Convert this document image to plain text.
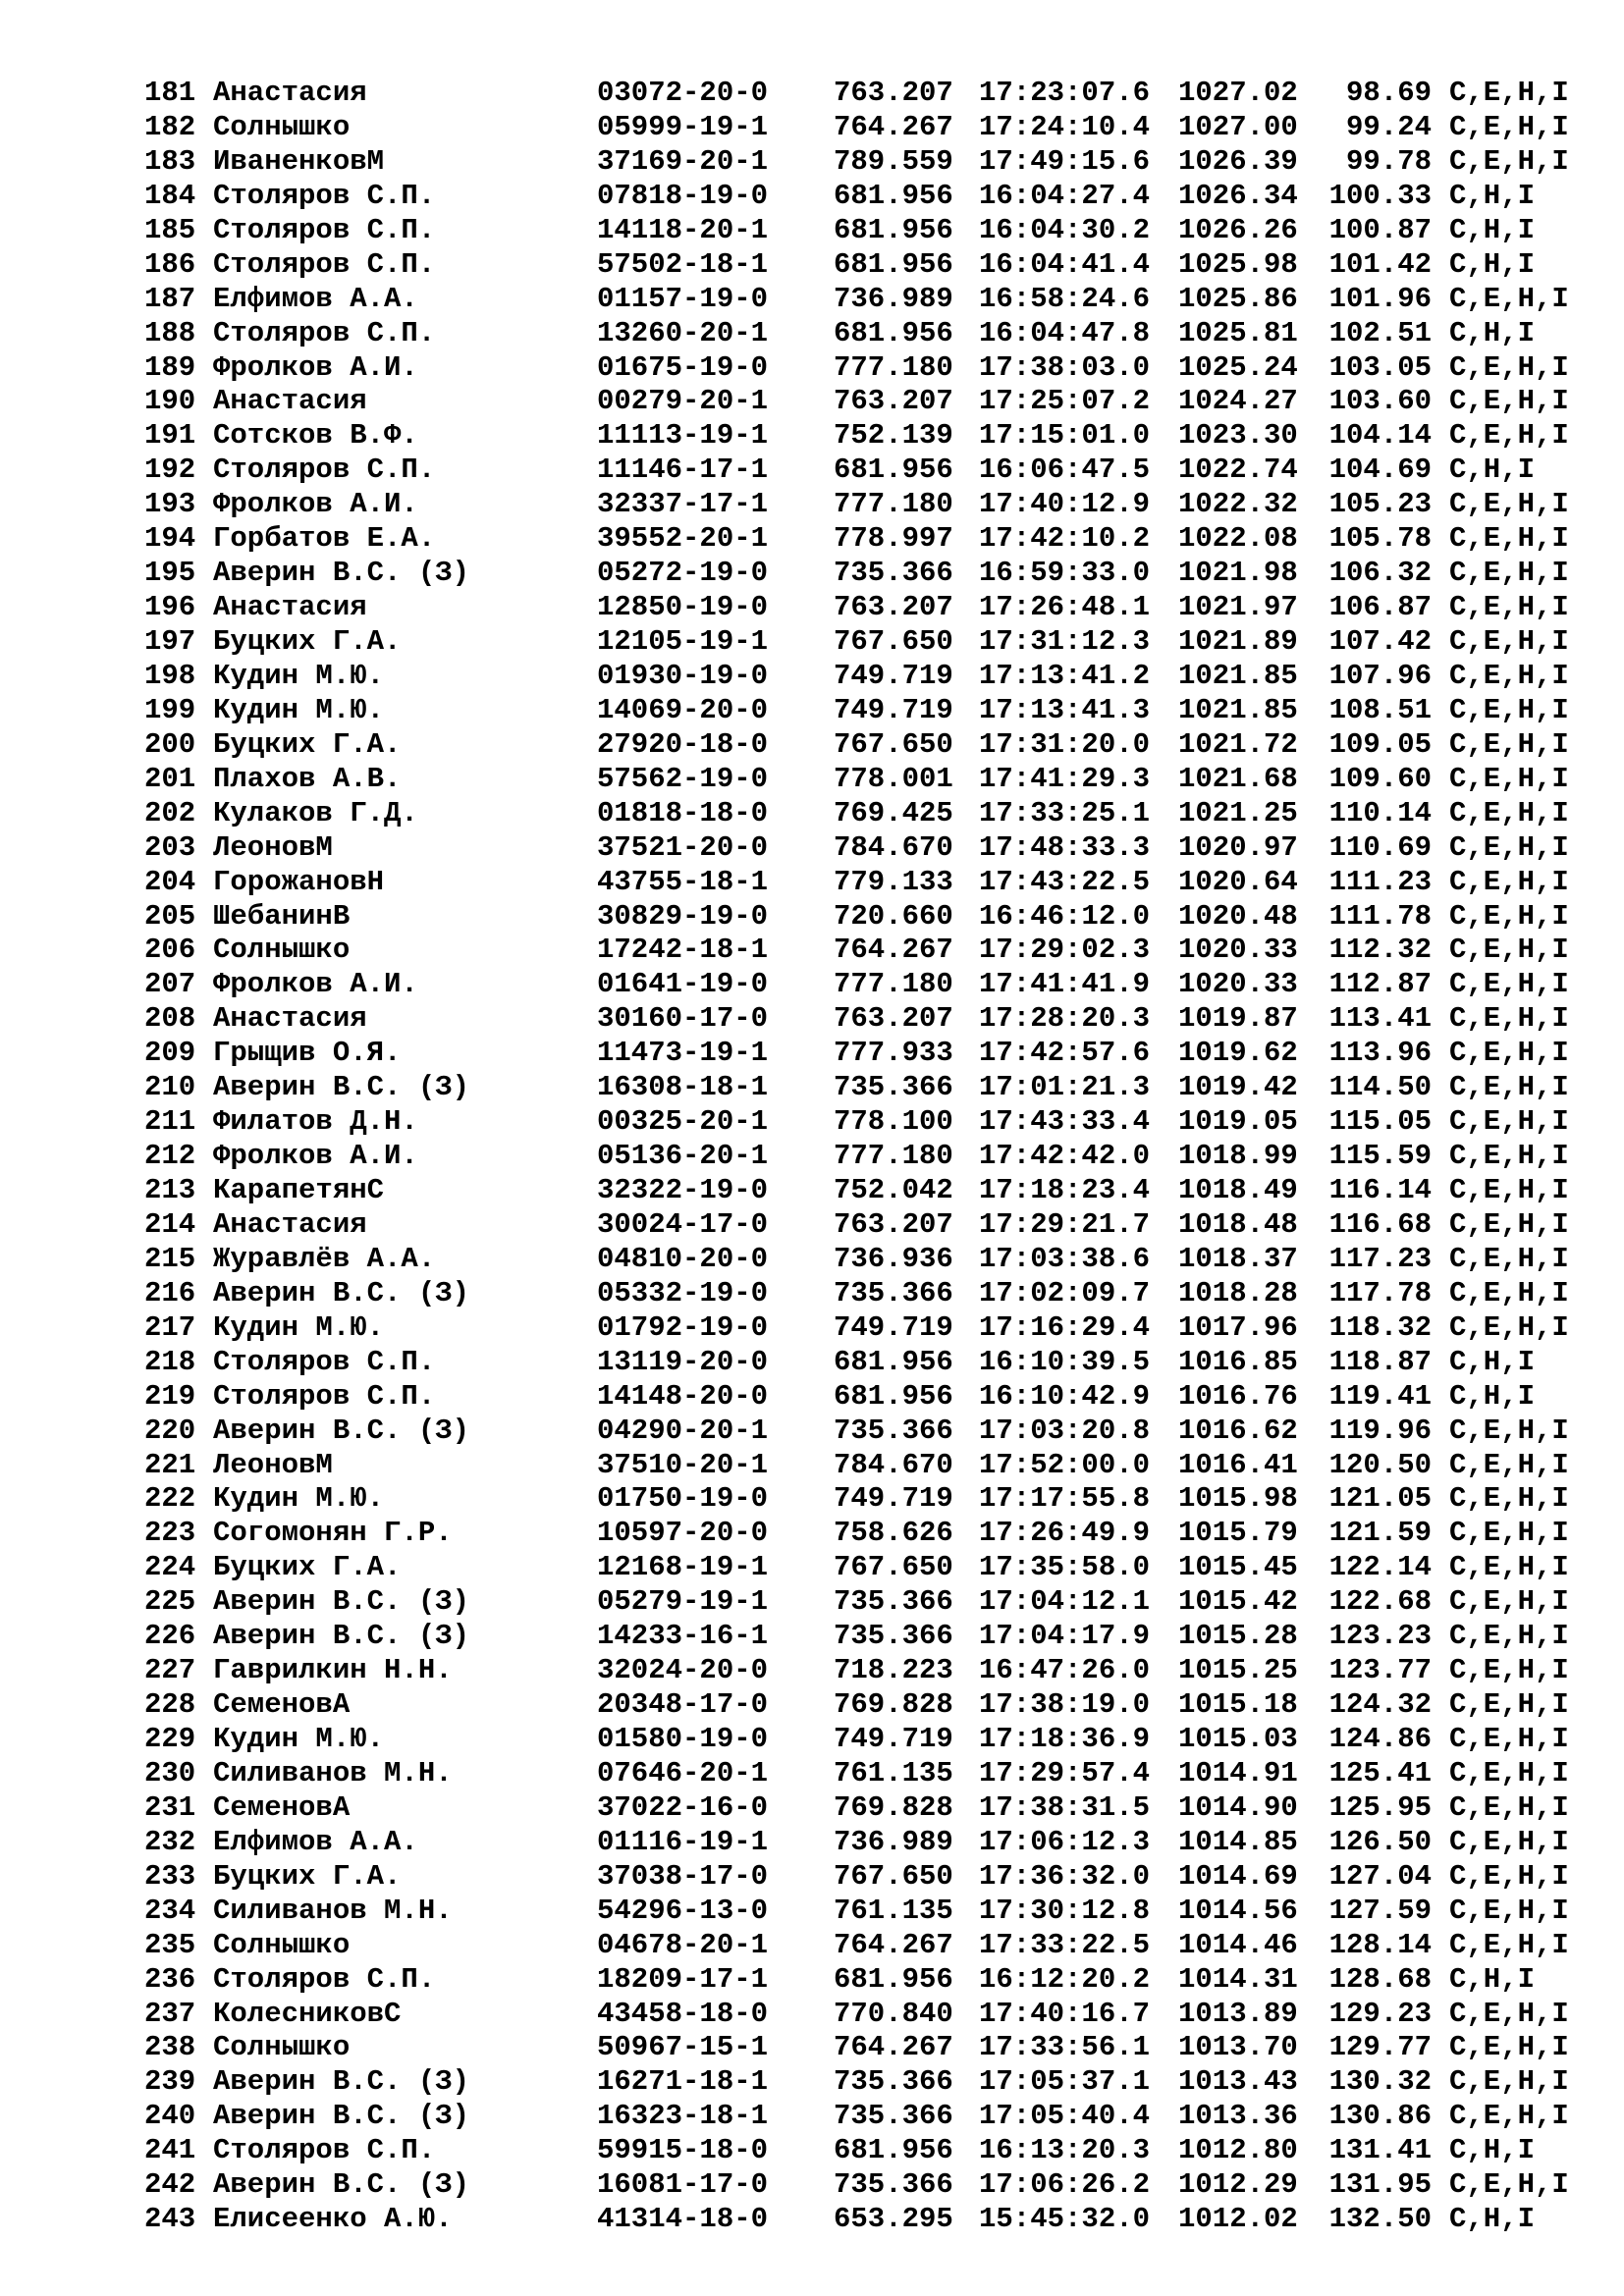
181 Анастасия	03072-20-0 763.207 17:23:07.6 1027.02 98.69 C,E,H,I
182 Солнышко	05999-19-1 764.267 17:24:10.4 1027.00 99.24 C,E,H,I
183 ИваненковМ	37169-20-1 789.559 17:49:15.6 1026.39 99.78 C,E,H,I
184 Столяров С.П.	07818-19-0 681.956 16:04:27.4 1026.34 100.33 C,H,I
185 Столяров С.П.	14118-20-1 681.956 16:04:30.2 1026.26 100.87 C,H,I
186 Столяров С.П.	57502-18-1 681.956 16:04:41.4 1025.98 101.42 C,H,I
187 Елфимов А.А.	01157-19-0 736.989 16:58:24.6 1025.86 101.96 C,E,H,I
188 Столяров С.П.	13260-20-1 681.956 16:04:47.8 1025.81 102.51 C,H,I
189 Фролков А.И.	01675-19-0 777.180 17:38:03.0 1025.24 103.05 C,E,H,I
190 Анастасия	00279-20-1 763.207 17:25:07.2 1024.27 103.60 C,E,H,I
191 Сотсков В.Ф.	11113-19-1 752.139 17:15:01.0 1023.30 104.14 C,E,H,I
192 Столяров С.П.	11146-17-1 681.956 16:06:47.5 1022.74 104.69 C,H,I
193 Фролков А.И.	32337-17-1 777.180 17:40:12.9 1022.32 105.23 C,E,H,I
194 Горбатов Е.А.	39552-20-1 778.997 17:42:10.2 1022.08 105.78 C,E,H,I
195 Аверин В.С. (З)	05272-19-0 735.366 16:59:33.0 1021.98 106.32 C,E,H,I
196 Анастасия	12850-19-0 763.207 17:26:48.1 1021.97 106.87 C,E,H,I
197 Буцких Г.А.	12105-19-1 767.650 17:31:12.3 1021.89 107.42 C,E,H,I
198 Кудин М.Ю.	01930-19-0 749.719 17:13:41.2 1021.85 107.96 C,E,H,I
199 Кудин М.Ю.	14069-20-0 749.719 17:13:41.3 1021.85 108.51 C,E,H,I
200 Буцких Г.А.	27920-18-0 767.650 17:31:20.0 1021.72 109.05 C,E,H,I
201 Плахов А.В.	57562-19-0 778.001 17:41:29.3 1021.68 109.60 C,E,H,I
202 Кулаков Г.Д.	01818-18-0 769.425 17:33:25.1 1021.25 110.14 C,E,H,I
203 ЛеоновМ	37521-20-0 784.670 17:48:33.3 1020.97 110.69 C,E,H,I
204 ГорожановН	43755-18-1 779.133 17:43:22.5 1020.64 111.23 C,E,H,I
205 ШебанинВ	30829-19-0 720.660 16:46:12.0 1020.48 111.78 C,E,H,I
206 Солнышко	17242-18-1 764.267 17:29:02.3 1020.33 112.32 C,E,H,I
207 Фролков А.И.	01641-19-0 777.180 17:41:41.9 1020.33 112.87 C,E,H,I
208 Анастасия	30160-17-0 763.207 17:28:20.3 1019.87 113.41 C,E,H,I
209 Грыщив О.Я.	11473-19-1 777.933 17:42:57.6 1019.62 113.96 C,E,H,I
210 Аверин В.С. (З)	16308-18-1 735.366 17:01:21.3 1019.42 114.50 C,E,H,I
211 Филатов Д.Н.	00325-20-1 778.100 17:43:33.4 1019.05 115.05 C,E,H,I
212 Фролков А.И.	05136-20-1 777.180 17:42:42.0 1018.99 115.59 C,E,H,I
213 КарапетянС	32322-19-0 752.042 17:18:23.4 1018.49 116.14 C,E,H,I
214 Анастасия	30024-17-0 763.207 17:29:21.7 1018.48 116.68 C,E,H,I
215 Журавлёв А.А.	04810-20-0 736.936 17:03:38.6 1018.37 117.23 C,E,H,I
216 Аверин В.С. (З)	05332-19-0 735.366 17:02:09.7 1018.28 117.78 C,E,H,I
217 Кудин М.Ю.	01792-19-0 749.719 17:16:29.4 1017.96 118.32 C,E,H,I
218 Столяров С.П.	13119-20-0 681.956 16:10:39.5 1016.85 118.87 C,H,I
219 Столяров С.П.	14148-20-0 681.956 16:10:42.9 1016.76 119.41 C,H,I
220 Аверин В.С. (З)	04290-20-1 735.366 17:03:20.8 1016.62 119.96 C,E,H,I
221 ЛеоновМ	37510-20-1 784.670 17:52:00.0 1016.41 120.50 C,E,H,I
222 Кудин М.Ю.	01750-19-0 749.719 17:17:55.8 1015.98 121.05 C,E,H,I
223 Согомонян Г.Р.	10597-20-0 758.626 17:26:49.9 1015.79 121.59 C,E,H,I
224 Буцких Г.А.	12168-19-1 767.650 17:35:58.0 1015.45 122.14 C,E,H,I
225 Аверин В.С. (З)	05279-19-1 735.366 17:04:12.1 1015.42 122.68 C,E,H,I
226 Аверин В.С. (З)	14233-16-1 735.366 17:04:17.9 1015.28 123.23 C,E,H,I
227 Гаврилкин Н.Н.	32024-20-0 718.223 16:47:26.0 1015.25 123.77 C,E,H,I
228 СеменовА	20348-17-0 769.828 17:38:19.0 1015.18 124.32 C,E,H,I
229 Кудин М.Ю.	01580-19-0 749.719 17:18:36.9 1015.03 124.86 C,E,H,I
230 Силиванов М.Н.	07646-20-1 761.135 17:29:57.4 1014.91 125.41 C,E,H,I
231 СеменовА	37022-16-0 769.828 17:38:31.5 1014.90 125.95 C,E,H,I
232 Елфимов А.А.	01116-19-1 736.989 17:06:12.3 1014.85 126.50 C,E,H,I
233 Буцких Г.А.	37038-17-0 767.650 17:36:32.0 1014.69 127.04 C,E,H,I
234 Силиванов М.Н.	54296-13-0 761.135 17:30:12.8 1014.56 127.59 C,E,H,I
235 Солнышко	04678-20-1 764.267 17:33:22.5 1014.46 128.14 C,E,H,I
236 Столяров С.П.	18209-17-1 681.956 16:12:20.2 1014.31 128.68 C,H,I
237 КолесниковС	43458-18-0 770.840 17:40:16.7 1013.89 129.23 C,E,H,I
238 Солнышко	50967-15-1 764.267 17:33:56.1 1013.70 129.77 C,E,H,I
239 Аверин В.С. (З)	16271-18-1 735.366 17:05:37.1 1013.43 130.32 C,E,H,I
240 Аверин В.С. (З)	16323-18-1 735.366 17:05:40.4 1013.36 130.86 C,E,H,I
241 Столяров С.П.	59915-18-0 681.956 16:13:20.3 1012.80 131.41 C,H,I
242 Аверин В.С. (З)	16081-17-0 735.366 17:06:26.2 1012.29 131.95 C,E,H,I
243 Елисеенко А.Ю.	41314-18-0 653.295 15:45:32.0 1012.02 132.50 C,H,I
